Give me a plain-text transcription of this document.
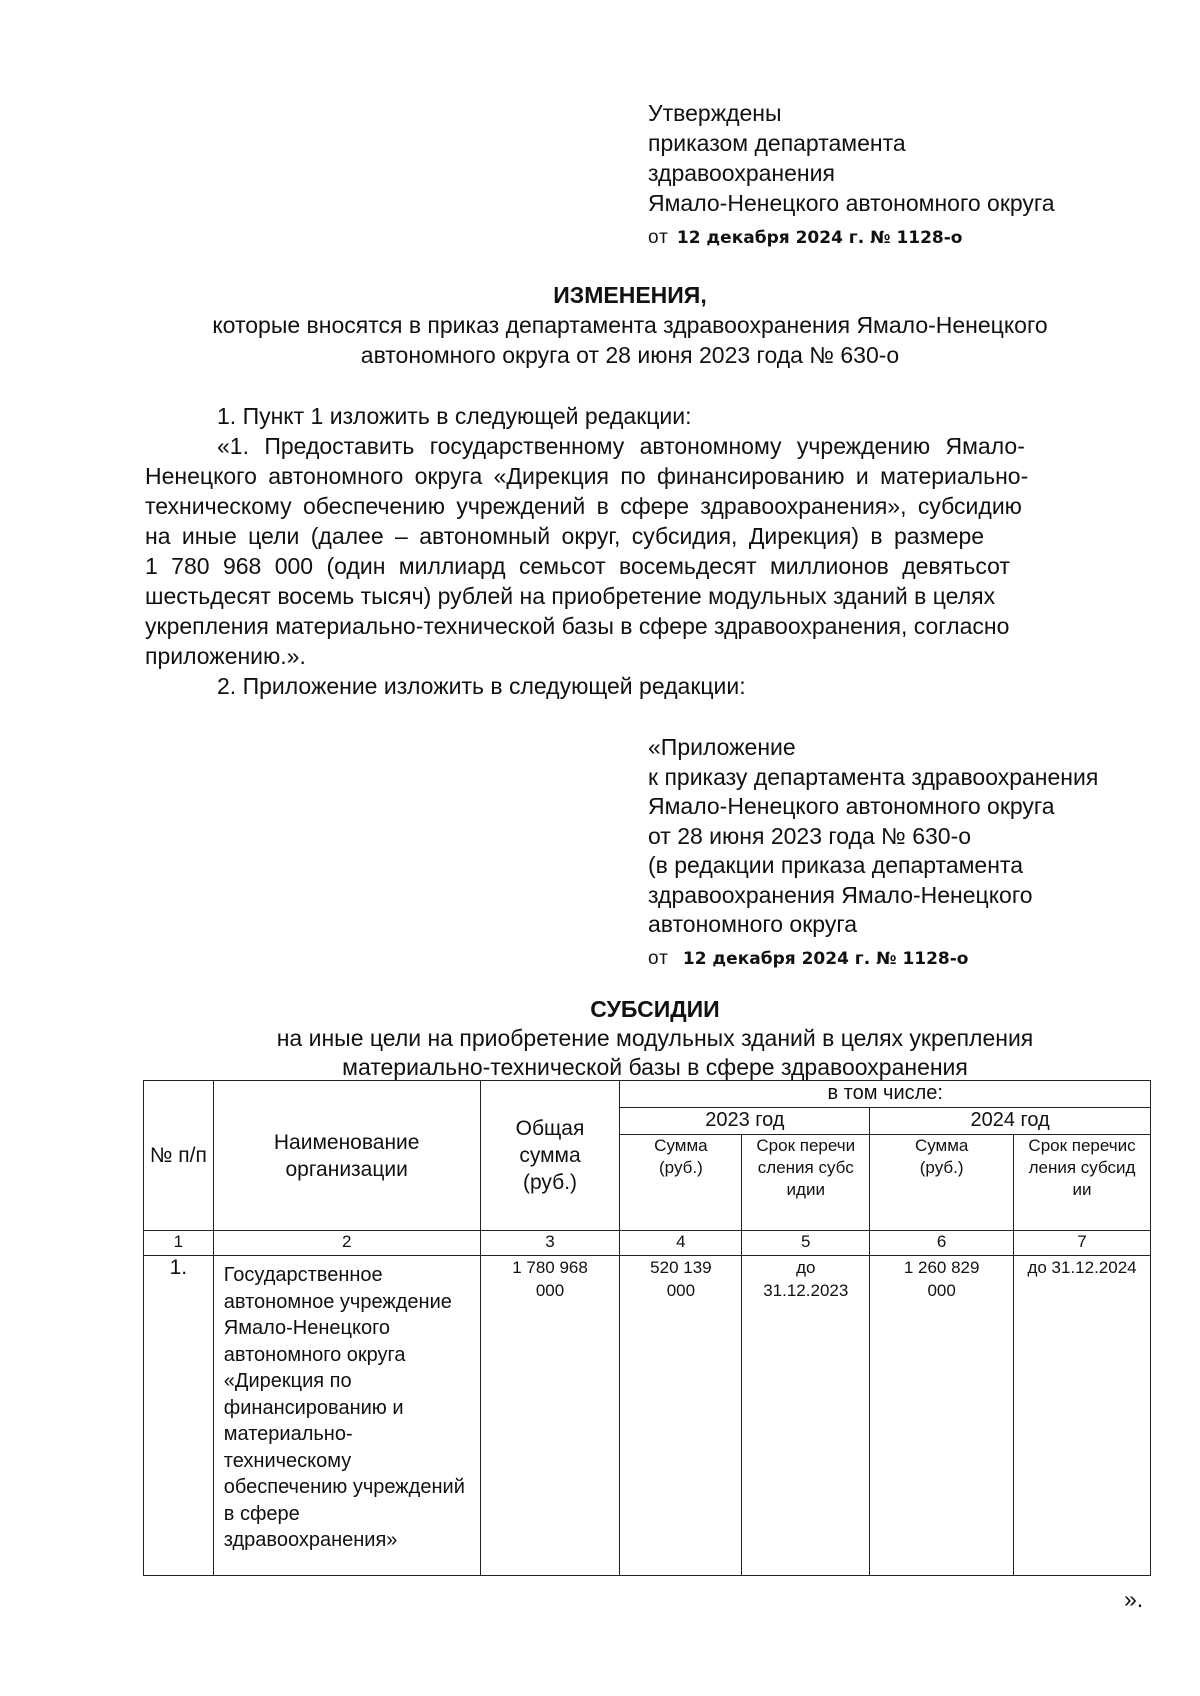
Утверждены
приказом департамента
здравоохранения
Ямало-Ненецкого автономного округа
от 12 декабря 2024 г. № 1128-о
ИЗМЕНЕНИЯ,
которые вносятся в приказ департамента здравоохранения Ямало-Ненецкого
автономного округа от 28 июня 2023 года № 630-о
1. Пункт 1 изложить в следующей редакции:
«1. Предоставить государственному автономному учреждению Ямало-
Ненецкого автономного округа «Дирекция по финансированию и материально-
техническому обеспечению учреждений в сфере здравоохранения», субсидию
на иные цели (далее – автономный округ, субсидия, Дирекция) в размере
1 780 968 000 (один миллиард семьсот восемьдесят миллионов девятьсот
шестьдесят восемь тысяч) рублей на приобретение модульных зданий в целях
укрепления материально-технической базы в сфере здравоохранения, согласно
приложению.».
2. Приложение изложить в следующей редакции:
«Приложение
к приказу департамента здравоохранения
Ямало-Ненецкого автономного округа
от 28 июня 2023 года № 630-о
(в редакции приказа департамента
здравоохранения Ямало-Ненецкого
автономного округа
от 12 декабря 2024 г. № 1128-о
СУБСИДИИ
на иные цели на приобретение модульных зданий в целях укрепления
материально-технической базы в сфере здравоохранения
№ п/п	Наименование организации	Общая сумма (руб.)	в том числе:			
			2023 год		2024 год	
			Сумма (руб.)	Срок перечисления субсидии	Сумма (руб.)	Срок перечисления субсидии
1	2	3	4	5	6	7
1.	Государственное автономное учреждение Ямало-Ненецкого автономного округа «Дирекция по финансированию и материально-техническому обеспечению учреждений в сфере здравоохранения»	1 780 968 000	520 139 000	до 31.12.2023	1 260 829 000	до 31.12.2024
».
